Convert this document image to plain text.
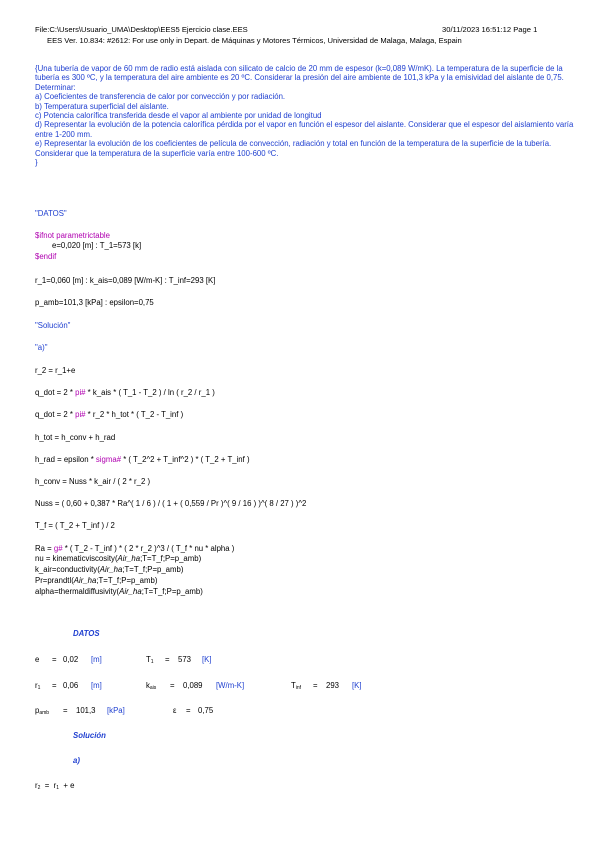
File:C:\Users\Usuario_UMA\Desktop\EES5 Ejercicio clase.EES	30/11/2023 16:51:12 Page 1
EES Ver. 10.834: #2612: For use only in Depart. de Máquinas y Motores Térmicos, Universidad de Malaga, Malaga, Espain
{Una tubería de vapor de 60 mm de radio está aislada con silicato de calcio de 20 mm de espesor (k=0,089 W/mK). La temperatura de la superficie de la tubería es 300 ºC, y la temperatura del aire ambiente es 20 ºC. Considerar la presión del aire ambiente de 101,3 kPa y la emisividad del aislante de 0,75.
Determinar:
a) Coeficientes de transferencia de calor por convección y por radiación.
b) Temperatura superficial del aislante.
c) Potencia calorífica transferida desde el vapor al ambiente por unidad de longitud
d) Representar la evolución de la potencia calorífica pérdida por el vapor en función el espesor del aislante. Considerar que el espesor del aislamiento varía entre 1-200 mm.
e) Representar la evolución de los coeficientes de película de convección, radiación y total en función de la temperatura de la superficie de la tubería. Considerar que la temperatura de la superficie varía entre 100-600 ºC.
}
"DATOS"
$ifnot parametrictable
e=0,020 [m] : T_1=573 [k]
$endif
r_1=0,060 [m] : k_ais=0,089 [W/m-K] : T_inf=293 [K]
p_amb=101,3 [kPa] : epsilon=0,75
"Solución"
"a)"
r_2 = r_1+e
q_dot = 2 * pi# * k_ais * ( T_1 - T_2 ) / ln ( r_2 / r_1 )
q_dot = 2 * pi# * r_2 * h_tot * ( T_2 - T_inf )
h_tot = h_conv + h_rad
h_rad = epsilon * sigma# * ( T_2^2 + T_inf^2 ) * ( T_2 + T_inf )
h_conv = Nuss * k_air / ( 2 * r_2 )
Nuss = ( 0,60 + 0,387 * Ra^( 1 / 6 ) / ( 1 + ( 0,559 / Pr )^( 9 / 16 ) )^( 8 / 27 ) )^2
T_f = ( T_2 + T_inf ) / 2
Ra = g# * ( T_2 - T_inf ) * ( 2 * r_2 )^3 / ( T_f * nu * alpha )
nu = kinematicviscosity(Air_ha;T=T_f;P=p_amb)
k_air=conductivity(Air_ha;T=T_f;P=p_amb)
Pr=prandtl(Air_ha;T=T_f;P=p_amb)
alpha=thermaldiffusivity(Air_ha;T=T_f;P=p_amb)
DATOS
e = 0,02 [m]	$T_1 = 573$ [K]
$r_1 = 0,06$ [m]	$k_{ais} = 0,089$ [W/m-K]	$T_{inf} = 293$ [K]
$p_{amb} = 101,3$ [kPa]	ε = 0,75
Solución
a)
$r_2 = r_1 + e$
